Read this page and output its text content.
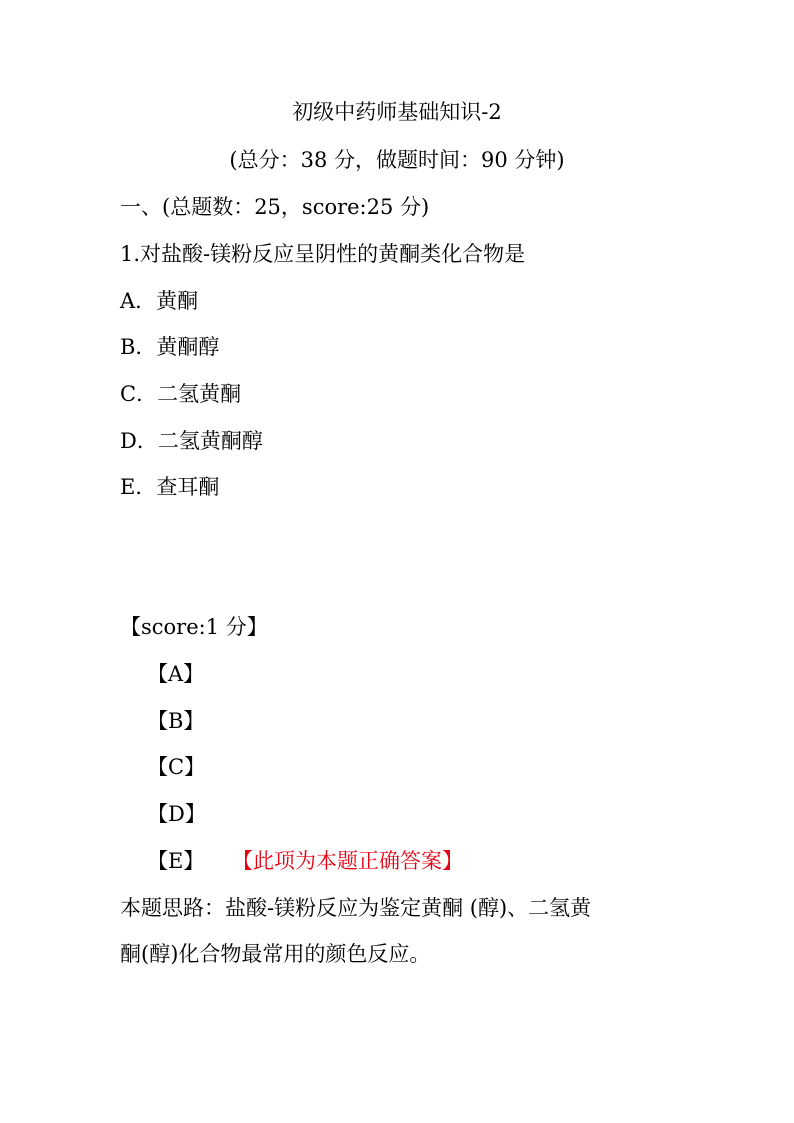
初级中药师基础知识-2
(总分：38 分，做题时间：90 分钟)
一、(总题数：25，score:25 分)
1.对盐酸-镁粉反应呈阴性的黄酮类化合物是
A．黄酮
B．黄酮醇
C．二氢黄酮
D．二氢黄酮醇
E．查耳酮
【score:1 分】
【A】
【B】
【C】
【D】
【E】 【此项为本题正确答案】
本题思路：盐酸-镁粉反应为鉴定黄酮 (醇)、二氢黄
酮(醇)化合物最常用的颜色反应。
